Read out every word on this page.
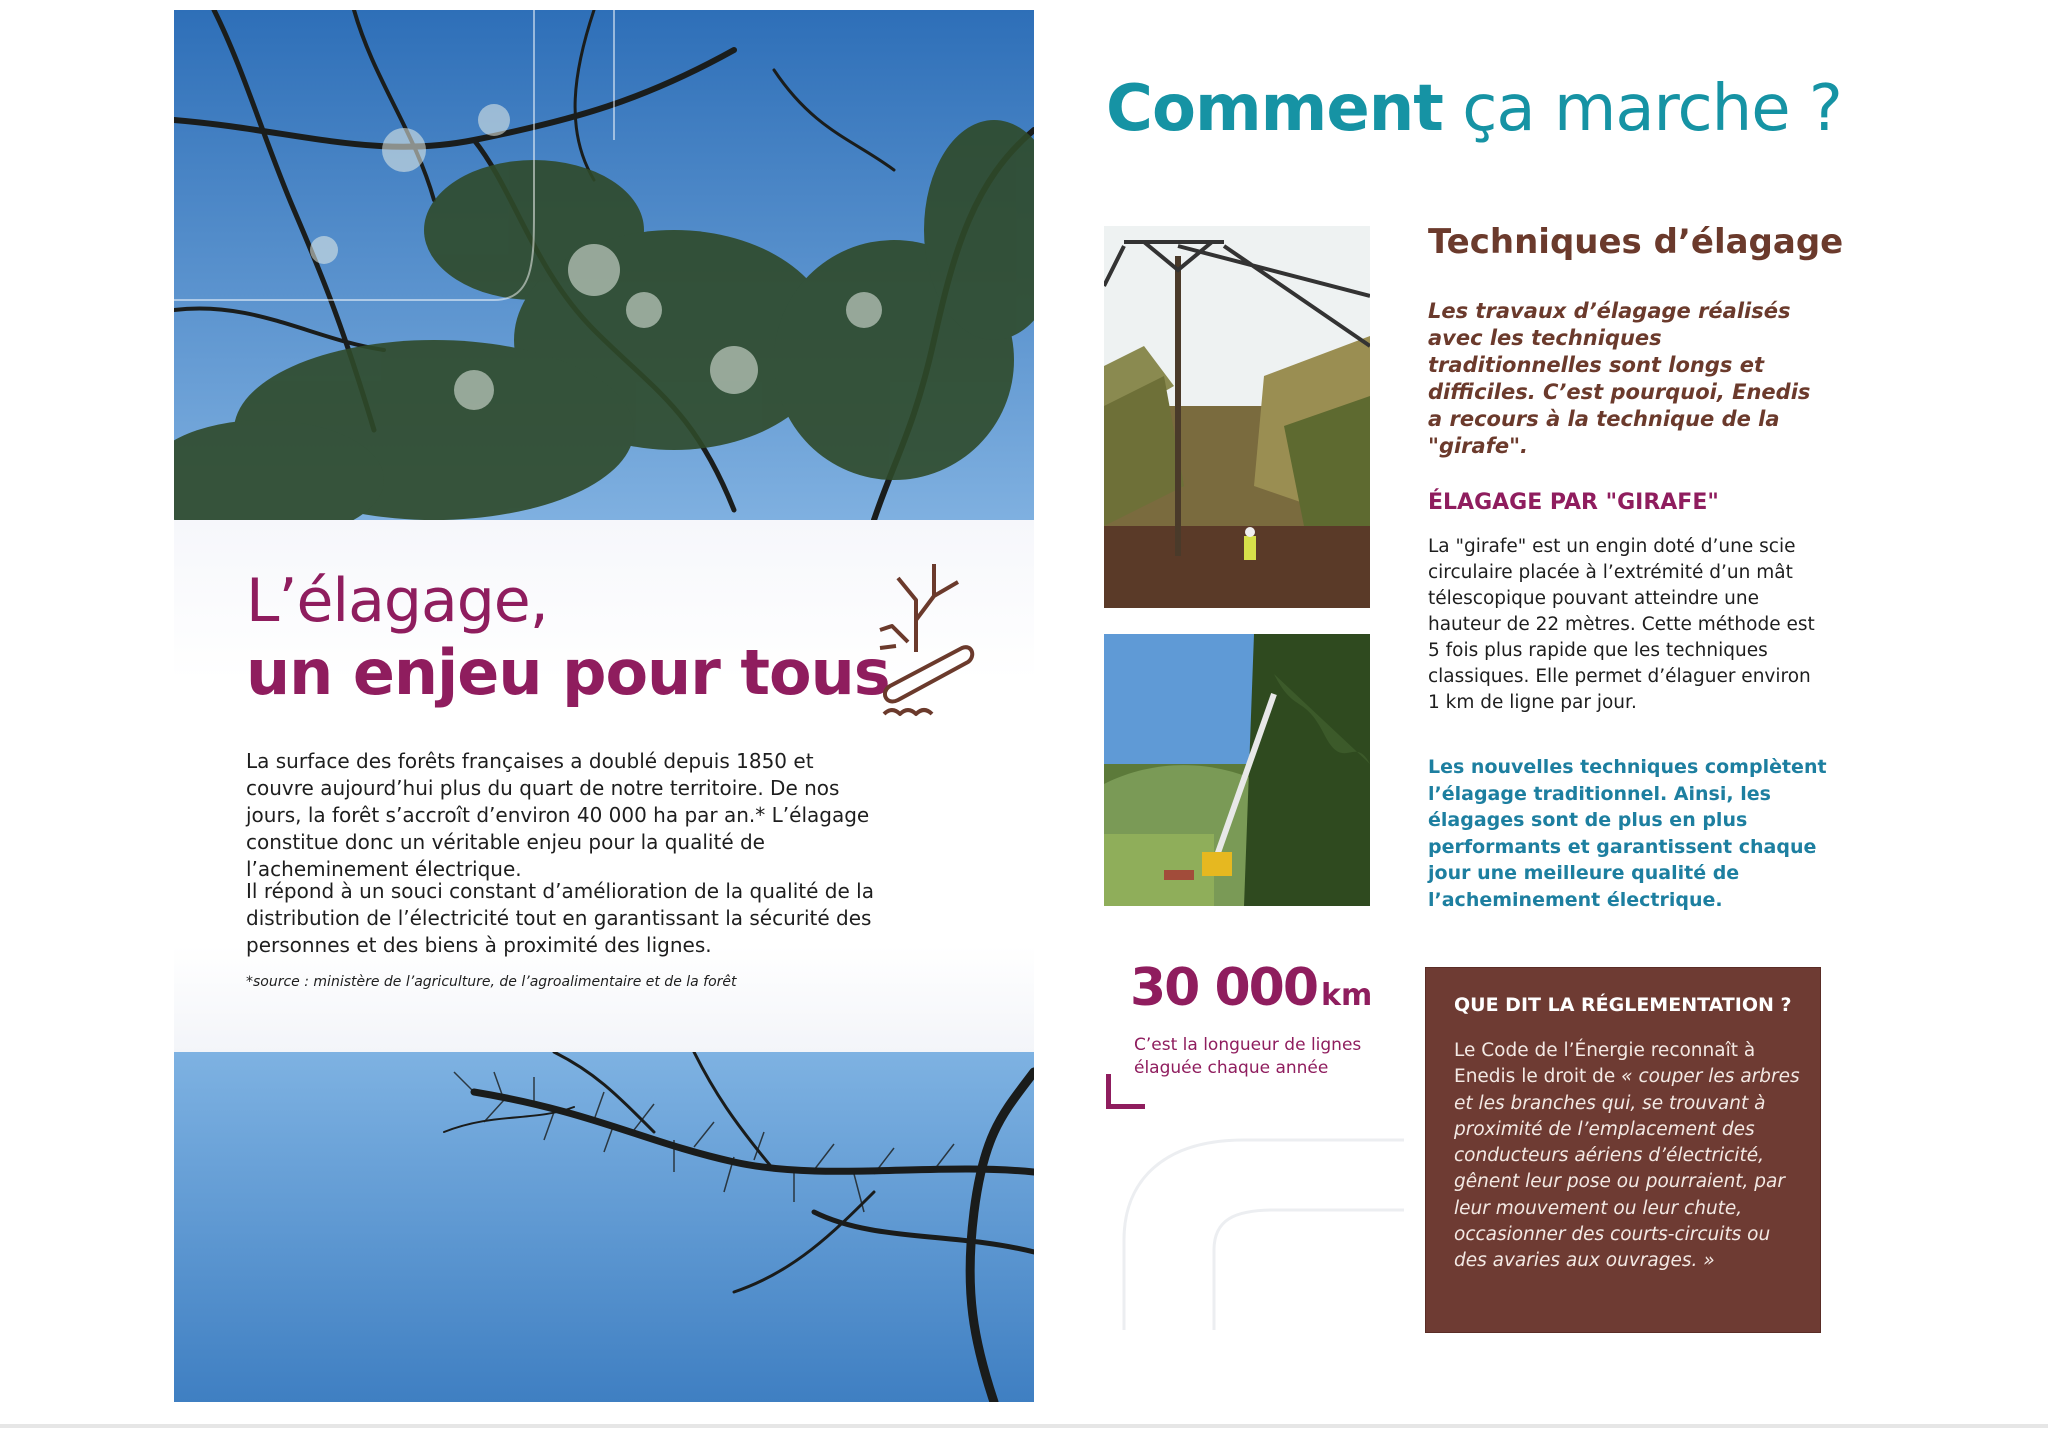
L’élagage,
un enjeu pour tous
La surface des forêts françaises a doublé depuis 1850 et couvre aujourd’hui plus du quart de notre territoire. De nos jours, la forêt s’accroît d’environ 40 000 ha par an.* L’élagage constitue donc un véritable enjeu pour la qualité de l’acheminement électrique.
Il répond à un souci constant d’amélioration de la qualité de la distribution de l’électricité tout en garantissant la sécurité des personnes et des biens à proximité des lignes.
*source : ministère de l’agriculture, de l’agroalimentaire et de la forêt
Comment ça marche ?
Techniques d’élagage
Les travaux d’élagage réalisés avec les techniques traditionnelles sont longs et difficiles. C’est pourquoi, Enedis a recours à la technique de la "girafe".
ÉLAGAGE PAR "GIRAFE"
La "girafe" est un engin doté d’une scie circulaire placée à l’extrémité d’un mât télescopique pouvant atteindre une hauteur de 22 mètres. Cette méthode est 5 fois plus rapide que les techniques classiques. Elle permet d’élaguer environ 1 km de ligne par jour.
Les nouvelles techniques complètent l’élagage traditionnel. Ainsi, les élagages sont de plus en plus performants et garantissent chaque jour une meilleure qualité de l’acheminement électrique.
30 000 km
C’est la longueur de lignes élaguée chaque année
QUE DIT LA RÉGLEMENTATION ?
Le Code de l’Énergie reconnaît à Enedis le droit de « couper les arbres et les branches qui, se trouvant à proximité de l’emplacement des conducteurs aériens d’électricité, gênent leur pose ou pourraient, par leur mouvement ou leur chute, occasionner des courts-circuits ou des avaries aux ouvrages. »
